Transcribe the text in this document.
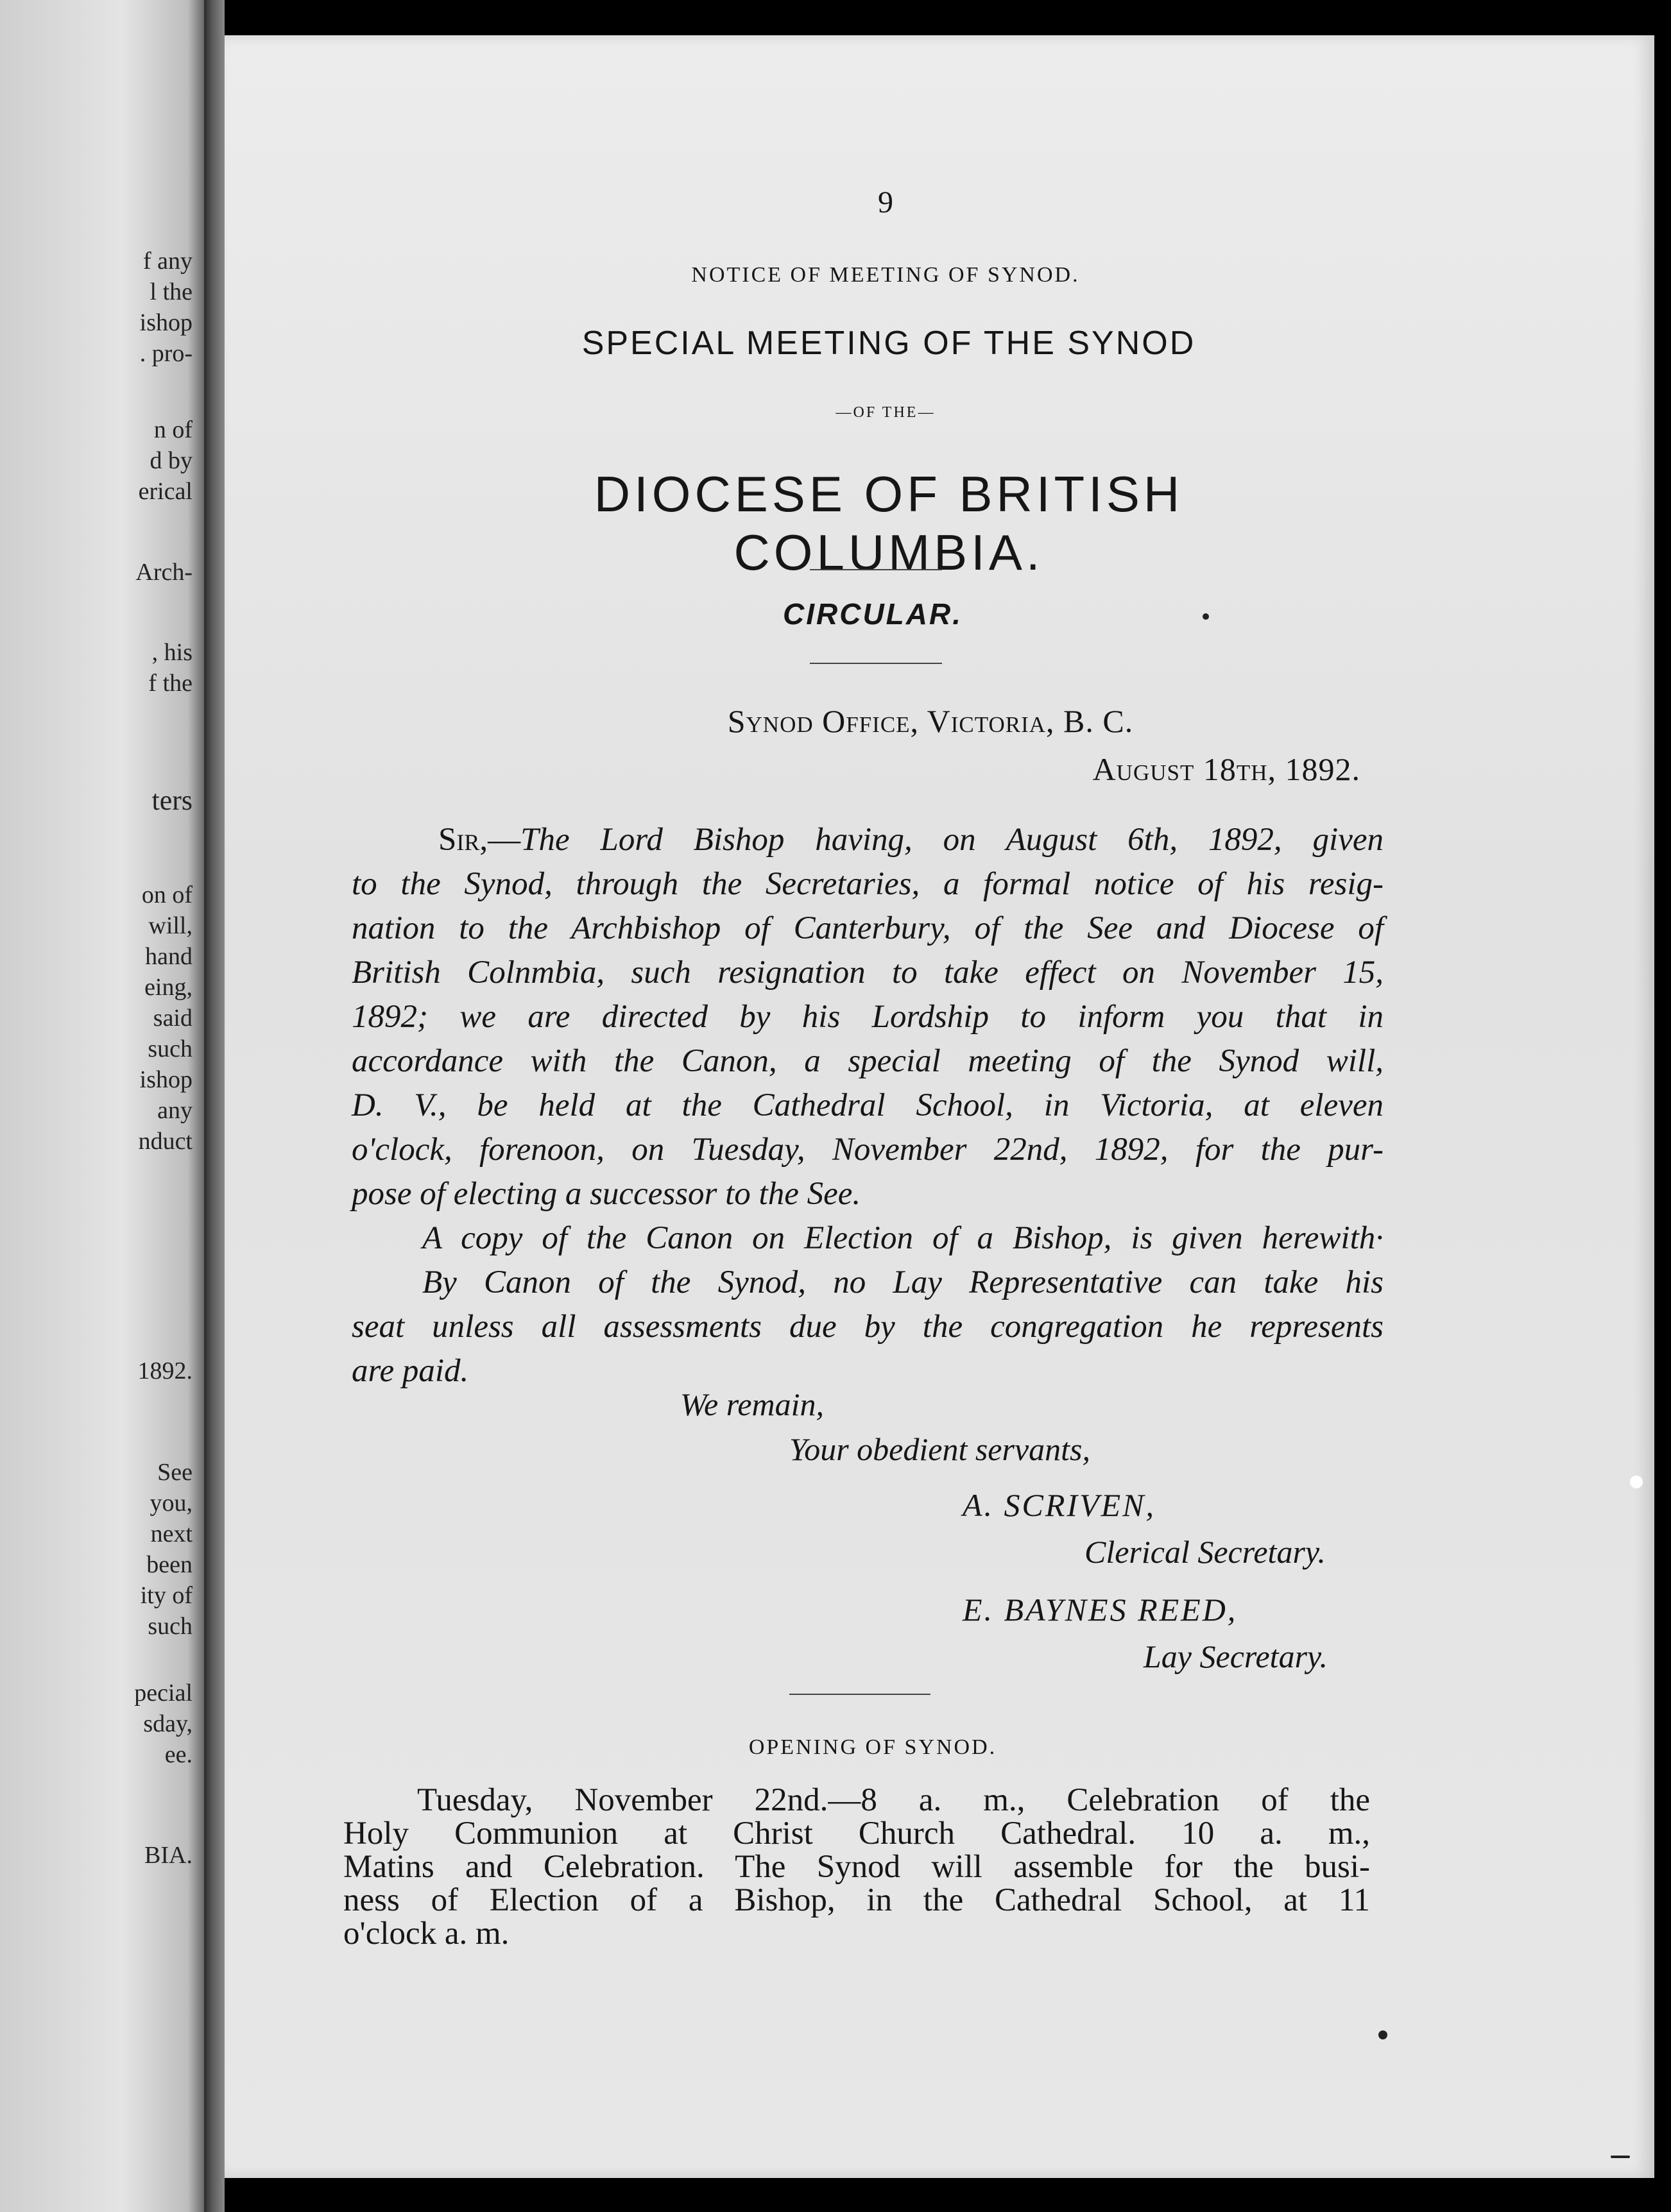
f any
l the
ishop
. pro-
n of
d by
erical
Arch-
, his
f the
ters
on of
will,
hand
eing,
said
such
ishop
any
nduct
1892.
See
you,
next
been
ity of
such
pecial
sday,
ee.
BIA.
9
NOTICE OF MEETING OF SYNOD.
SPECIAL MEETING OF THE SYNOD
—OF THE—
DIOCESE OF BRITISH COLUMBIA.
CIRCULAR.
Synod Office, Victoria, B. C.
August 18th, 1892.
Sir,—The Lord Bishop having, on August 6th, 1892, given
to the Synod, through the Secretaries, a formal notice of his resig-
nation to the Archbishop of Canterbury, of the See and Diocese of
British Colnmbia, such resignation to take effect on November 15,
1892; we are directed by his Lordship to inform you that in
accordance with the Canon, a special meeting of the Synod will,
D. V., be held at the Cathedral School, in Victoria, at eleven
o'clock, forenoon, on Tuesday, November 22nd, 1892, for the pur-
pose of electing a successor to the See.
A copy of the Canon on Election of a Bishop, is given herewith·
By Canon of the Synod, no Lay Representative can take his
seat unless all assessments due by the congregation he represents
are paid.
We remain,
Your obedient servants,
A. SCRIVEN,
Clerical Secretary.
E. BAYNES REED,
Lay Secretary.
OPENING OF SYNOD.
Tuesday, November 22nd.—8 a. m., Celebration of the
Holy Communion at Christ Church Cathedral. 10 a. m.,
Matins and Celebration. The Synod will assemble for the busi-
ness of Election of a Bishop, in the Cathedral School, at 11
o'clock a. m.
